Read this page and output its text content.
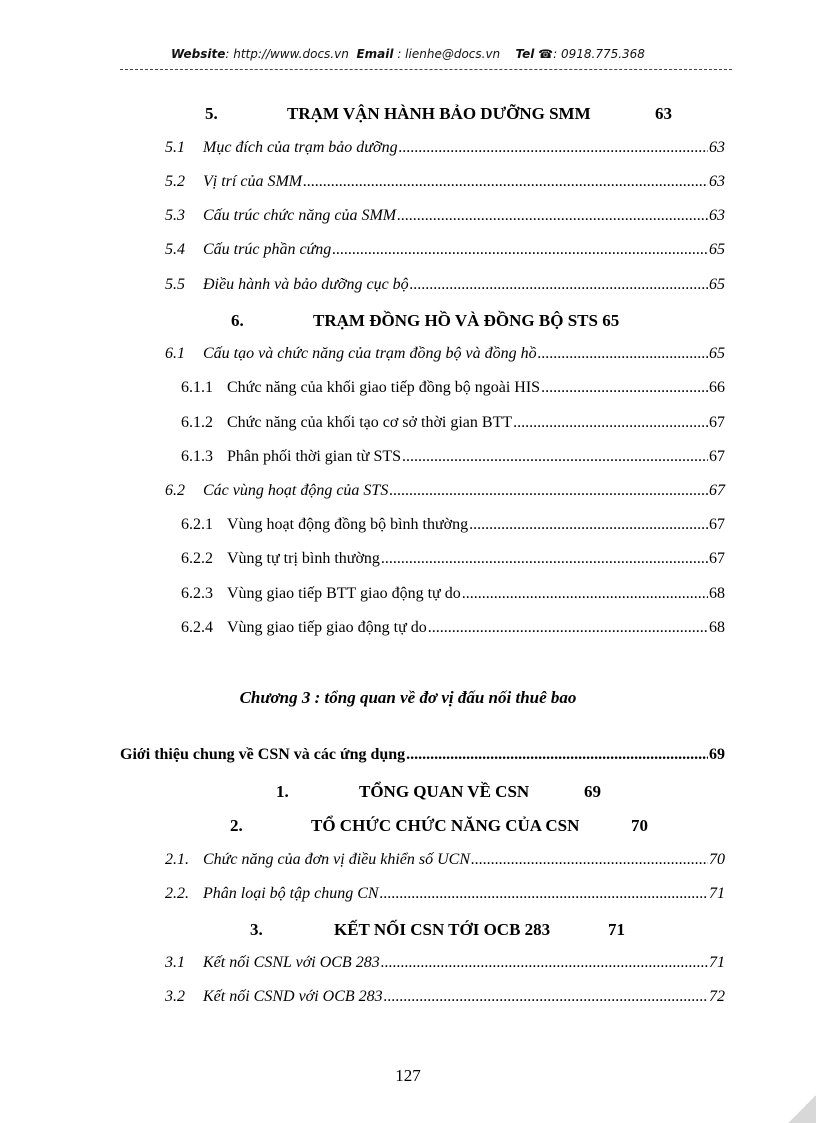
Website: http://www.docs.vn Email : lienhe@docs.vn Tel ☎: 0918.775.368
5.	TRẠM VẬN HÀNH BẢO DƯỠNG SMM	63
5.1	Mục đích của trạm bảo dưỡng .....	63
5.2	Vị trí của SMM .....	63
5.3	Cấu trúc chức năng của SMM .....	63
5.4	Cấu trúc phần cứng .....	65
5.5	Điều hành và bảo dưỡng cục bộ .....	65
6.	TRẠM ĐỒNG HỒ VÀ ĐỒNG BỘ STS 65
6.1	Cấu tạo và chức năng của trạm đồng bộ và đồng hồ .....	65
6.1.1 Chức năng của khối giao tiếp đồng bộ ngoài HIS .....	66
6.1.2 Chức năng của khối tạo cơ sở thời gian BTT .....	67
6.1.3 Phân phối thời gian từ STS .....	67
6.2	Các vùng hoạt động của STS .....	67
6.2.1 Vùng hoạt động đồng bộ bình thường .....	67
6.2.2 Vùng tự trị bình thường .....	67
6.2.3 Vùng giao tiếp BTT giao động tự do .....	68
6.2.4 Vùng giao tiếp giao động tự do .....	68
Chương 3 : tổng quan về đơ vị đấu nối thuê bao
Giới thiệu chung về CSN và các ứng dụng .....	69
1.	TỔNG QUAN VỀ CSN	69
2.	TỔ CHỨC CHỨC NĂNG CỦA CSN	70
2.1. Chức năng của đơn vị điều khiển số UCN .....	70
2.2. Phân loại bộ tập chung CN .....	71
3.	KẾT NỐI CSN TỚI OCB 283	71
3.1	Kết nối CSNL với OCB 283 .....	71
3.2	Kết nối CSND với OCB 283 .....	72
127
